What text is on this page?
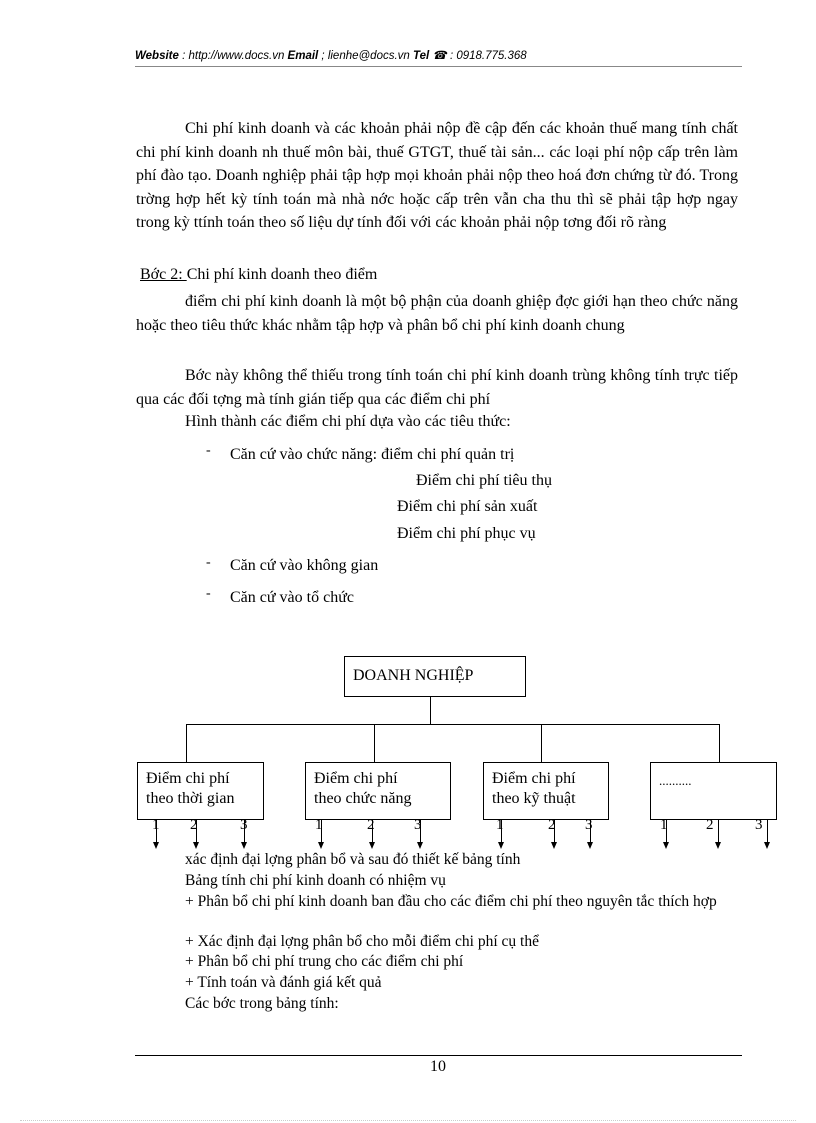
Website : http://www.docs.vn Email ; lienhe@docs.vn Tel ☎ : 0918.775.368
Chi phí kinh doanh và các khoản phải nộp đề cập đến các khoản thuế mang tính chất chi phí kinh doanh nh thuế môn bài, thuế GTGT, thuế tài sản... các loại phí nộp cấp trên làm phí đào tạo. Doanh nghiệp phải tập hợp mọi khoản phải nộp theo hoá đơn chứng từ đó. Trong trờng hợp hết kỳ tính toán mà nhà nớc hoặc cấp trên vẫn cha thu thì sẽ phải tập hợp ngay trong kỳ ttính toán theo số liệu dự tính đối với các khoản phải nộp tơng đối rõ ràng
Bớc 2: Chi phí kinh doanh theo điểm
điểm chi phí kinh doanh là một bộ phận của doanh ghiệp đợc giới hạn theo chức năng hoặc theo tiêu thức khác nhằm tập hợp và phân bổ chi phí kinh doanh chung
Bớc này không thể thiếu trong tính toán chi phí kinh doanh trùng không tính trực tiếp qua các đối tợng mà tính gián tiếp qua các điểm chi phí
Hình thành các điểm chi phí dựa vào các tiêu thức:
- Căn cứ vào chức năng: điểm chi phí quản trị
Điểm chi phí tiêu thụ
Điểm chi phí sản xuất
Điểm chi phí phục vụ
- Căn cứ vào không gian
- Căn cứ vào tổ chức
DOANH NGHIỆP
Điểm chi phí
theo thời gian
Điểm chi phí
theo chức năng
Điểm chi phí
theo kỹ thuật
..........
1 2	3	1	2	3	1	2 3	1	2	3
xác định đại lợng phân bổ và sau đó thiết kế bảng tính
Bảng tính chi phí kinh doanh có nhiệm vụ
+ Phân bổ chi phí kinh doanh ban đầu cho các điểm chi phí theo nguyên tắc thích hợp
+ Xác định đại lợng phân bổ cho mỗi điểm chi phí cụ thể
+ Phân bổ chi phí trung cho các điểm chi phí
+ Tính toán và đánh giá kết quả
Các bớc trong bảng tính:
10
